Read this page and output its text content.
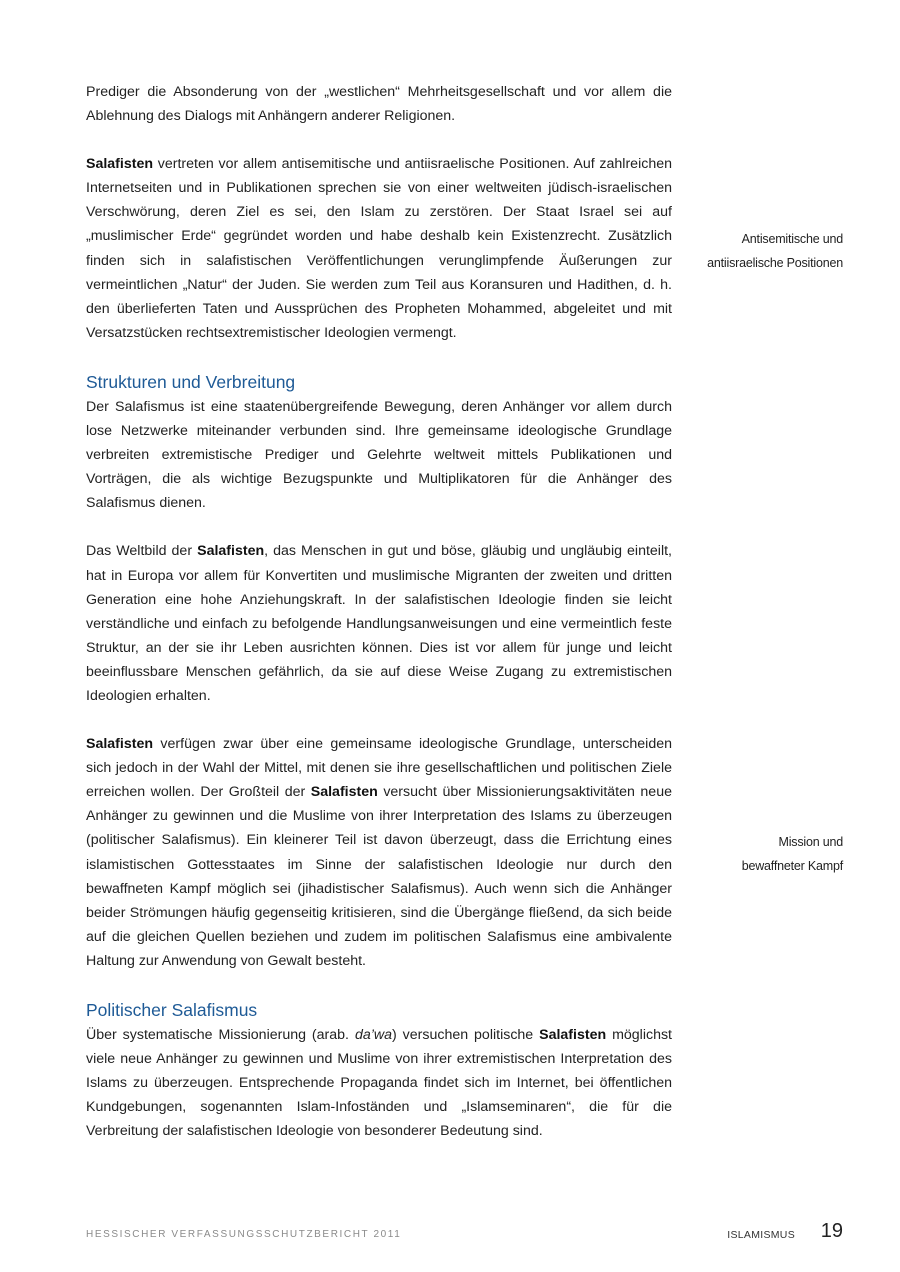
Prediger die Absonderung von der „westlichen“ Mehrheitsgesellschaft und vor allem die Ablehnung des Dialogs mit Anhängern anderer Religionen.

Salafisten vertreten vor allem antisemitische und antiisraelische Positionen. Auf zahlreichen Internetseiten und in Publikationen sprechen sie von einer weltweiten jüdisch-israelischen Verschwörung, deren Ziel es sei, den Islam zu zerstören. Der Staat Israel sei auf „muslimischer Erde“ gegründet worden und habe deshalb kein Existenzrecht. Zusätzlich finden sich in salafistischen Veröffentlichungen verunglimpfende Äußerungen zur vermeintlichen „Natur“ der Juden. Sie werden zum Teil aus Koransuren und Hadithen, d. h. den überlieferten Taten und Aussprüchen des Propheten Mohammed, abgeleitet und mit Versatzstücken rechtsextremistischer Ideologien vermengt.

Strukturen und Verbreitung

Der Salafismus ist eine staatenübergreifende Bewegung, deren Anhänger vor allem durch lose Netzwerke miteinander verbunden sind. Ihre gemeinsame ideologische Grundlage verbreiten extremistische Prediger und Gelehrte weltweit mittels Publikationen und Vorträgen, die als wichtige Bezugspunkte und Multiplikatoren für die Anhänger des Salafismus dienen.

Das Weltbild der Salafisten, das Menschen in gut und böse, gläubig und ungläubig einteilt, hat in Europa vor allem für Konvertiten und muslimische Migranten der zweiten und dritten Generation eine hohe Anziehungskraft. In der salafistischen Ideologie finden sie leicht verständliche und einfach zu befolgende Handlungsanweisungen und eine vermeintlich feste Struktur, an der sie ihr Leben ausrichten können. Dies ist vor allem für junge und leicht beeinflussbare Menschen gefährlich, da sie auf diese Weise Zugang zu extremistischen Ideologien erhalten.

Salafisten verfügen zwar über eine gemeinsame ideologische Grundlage, unterscheiden sich jedoch in der Wahl der Mittel, mit denen sie ihre gesellschaftlichen und politischen Ziele erreichen wollen. Der Großteil der Salafisten versucht über Missionierungsaktivitäten neue Anhänger zu gewinnen und die Muslime von ihrer Interpretation des Islams zu überzeugen (politischer Salafismus). Ein kleinerer Teil ist davon überzeugt, dass die Errichtung eines islamistischen Gottesstaates im Sinne der salafistischen Ideologie nur durch den bewaffneten Kampf möglich sei (jihadistischer Salafismus). Auch wenn sich die Anhänger beider Strömungen häufig gegenseitig kritisieren, sind die Übergänge fließend, da sich beide auf die gleichen Quellen beziehen und zudem im politischen Salafismus eine ambivalente Haltung zur Anwendung von Gewalt besteht.

Politischer Salafismus

Über systematische Missionierung (arab. da’wa) versuchen politische Salafisten möglichst viele neue Anhänger zu gewinnen und Muslime von ihrer extremistischen Interpretation des Islams zu überzeugen. Entsprechende Propaganda findet sich im Internet, bei öffentlichen Kundgebungen, sogenannten Islam-Infoständen und „Islamseminaren“, die für die Verbreitung der salafistischen Ideologie von besonderer Bedeutung sind.

Antisemitische und
antiisraelische Positionen
Mission und
bewaffneter Kampf
HESSISCHER VERFASSUNGSSCHUTZBERICHT 2011	ISLAMISMUS 19
